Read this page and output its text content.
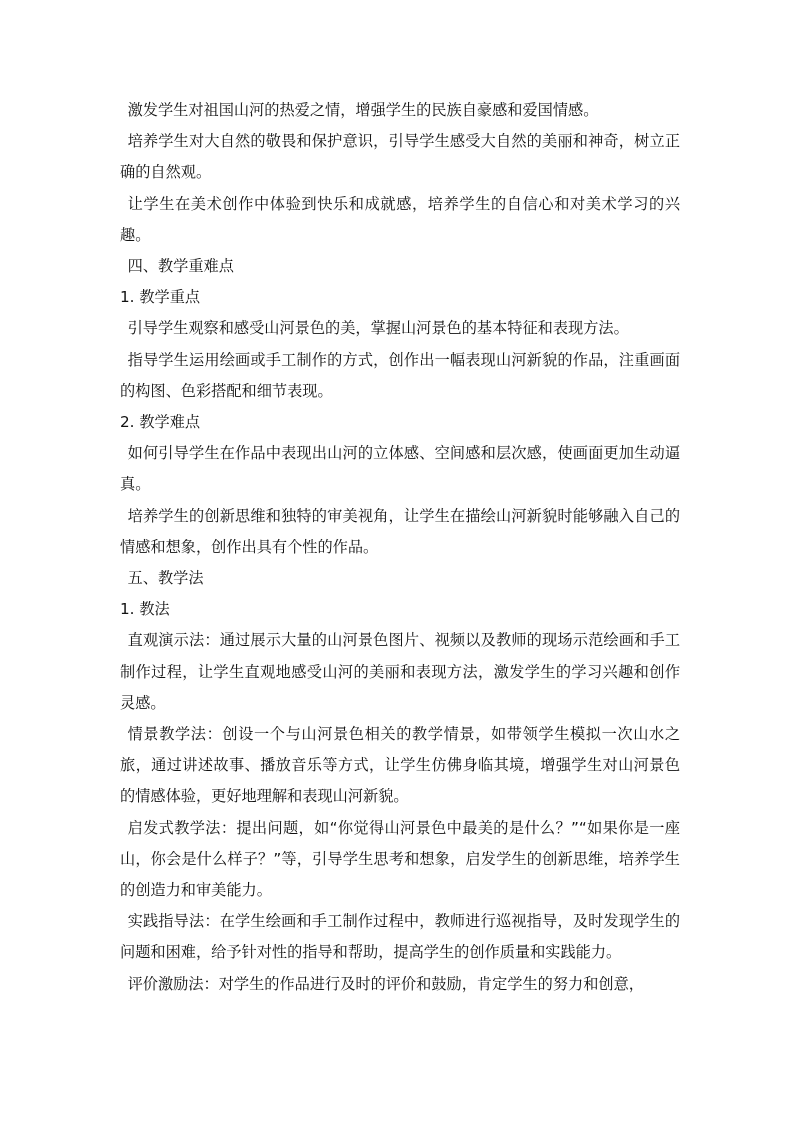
激发学生对祖国山河的热爱之情，增强学生的民族自豪感和爱国情感。

培养学生对大自然的敬畏和保护意识，引导学生感受大自然的美丽和神奇，树立正确的自然观。

让学生在美术创作中体验到快乐和成就感，培养学生的自信心和对美术学习的兴趣。

四、教学重难点

1. 教学重点

引导学生观察和感受山河景色的美，掌握山河景色的基本特征和表现方法。

指导学生运用绘画或手工制作的方式，创作出一幅表现山河新貌的作品，注重画面的构图、色彩搭配和细节表现。

2. 教学难点

如何引导学生在作品中表现出山河的立体感、空间感和层次感，使画面更加生动逼真。

培养学生的创新思维和独特的审美视角，让学生在描绘山河新貌时能够融入自己的情感和想象，创作出具有个性的作品。

五、教学法

1. 教法

直观演示法：通过展示大量的山河景色图片、视频以及教师的现场示范绘画和手工制作过程，让学生直观地感受山河的美丽和表现方法，激发学生的学习兴趣和创作灵感。

情景教学法：创设一个与山河景色相关的教学情景，如带领学生模拟一次山水之旅，通过讲述故事、播放音乐等方式，让学生仿佛身临其境，增强学生对山河景色的情感体验，更好地理解和表现山河新貌。

启发式教学法：提出问题，如“你觉得山河景色中最美的是什么？”“如果你是一座山，你会是什么样子？”等，引导学生思考和想象，启发学生的创新思维，培养学生的创造力和审美能力。

实践指导法：在学生绘画和手工制作过程中，教师进行巡视指导，及时发现学生的问题和困难，给予针对性的指导和帮助，提高学生的创作质量和实践能力。

评价激励法：对学生的作品进行及时的评价和鼓励，肯定学生的努力和创意，
